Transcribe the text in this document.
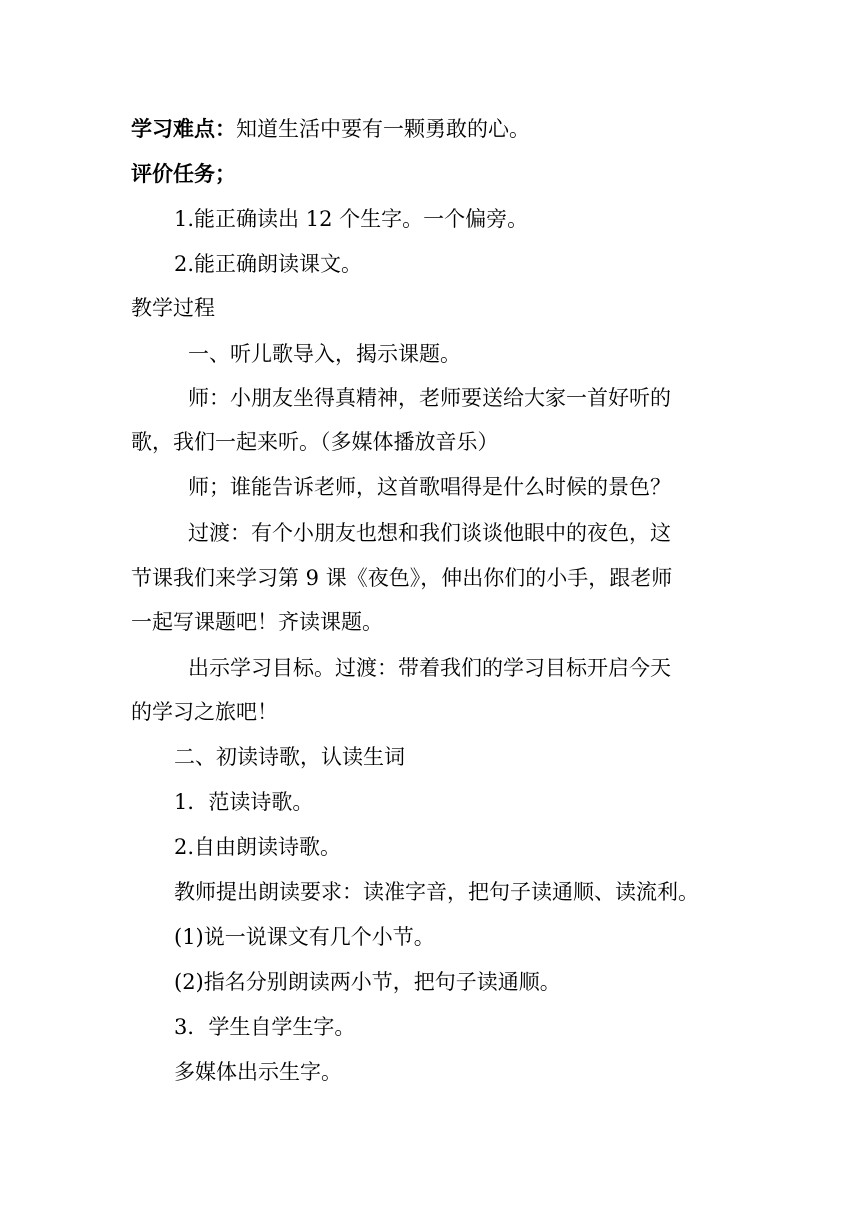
学习难点：知道生活中要有一颗勇敢的心。
评价任务；
1.能正确读出 12 个生字。一个偏旁。
2.能正确朗读课文。
教学过程
一、听儿歌导入，揭示课题。
师：小朋友坐得真精神，老师要送给大家一首好听的
歌，我们一起来听。（多媒体播放音乐）
师；谁能告诉老师，这首歌唱得是什么时候的景色？
过渡：有个小朋友也想和我们谈谈他眼中的夜色，这
节课我们来学习第 9 课《夜色》，伸出你们的小手，跟老师
一起写课题吧！齐读课题。
出示学习目标。过渡：带着我们的学习目标开启今天
的学习之旅吧！
二、初读诗歌，认读生词
1．范读诗歌。
2.自由朗读诗歌。
教师提出朗读要求：读准字音，把句子读通顺、读流利。
(1)说一说课文有几个小节。
(2)指名分别朗读两小节，把句子读通顺。
3．学生自学生字。
多媒体出示生字。
